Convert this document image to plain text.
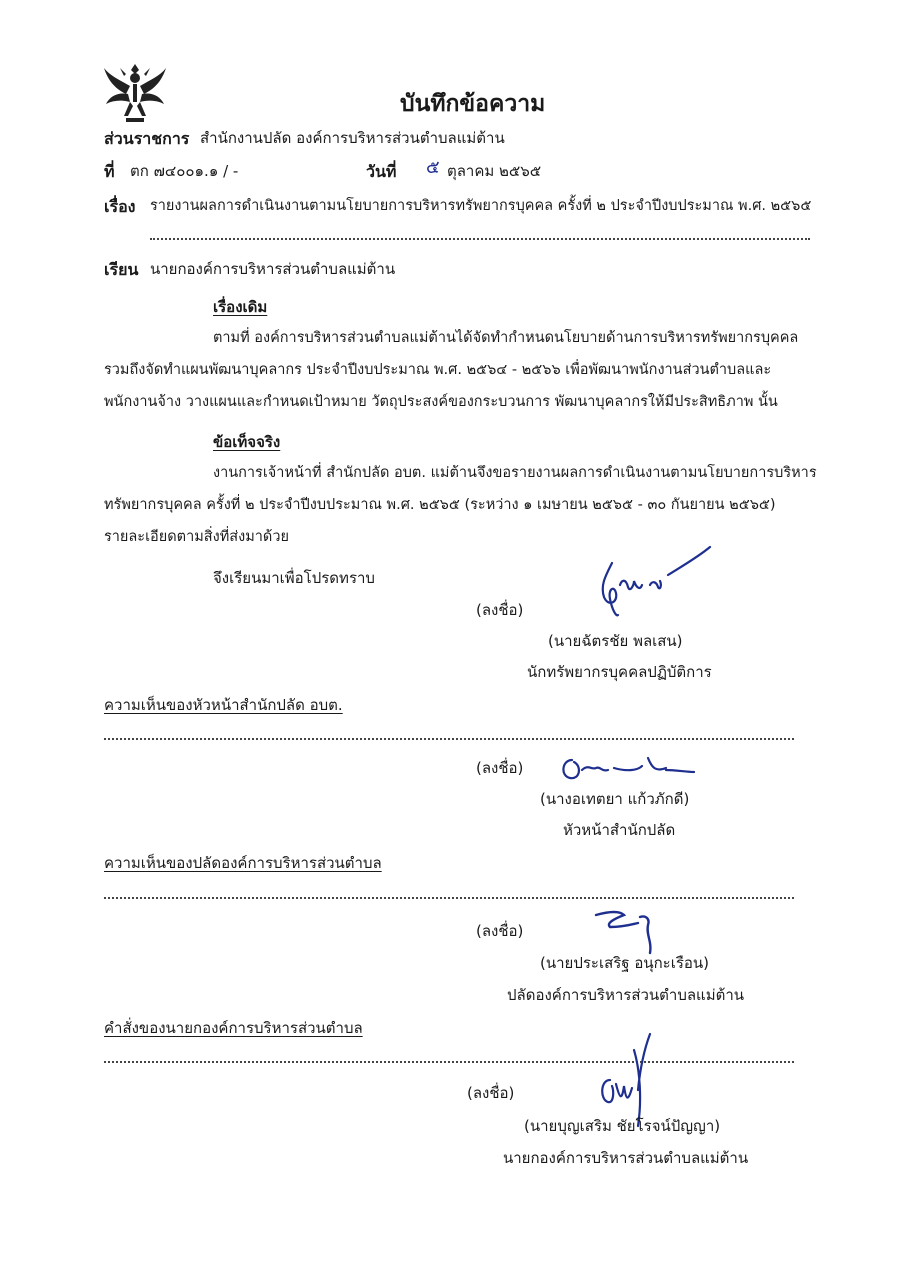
บันทึกข้อความ
ส่วนราชการ สำนักงานปลัด องค์การบริหารส่วนตำบลแม่ต้าน
ที่ ตก ๗๔๐๐๑.๑ / -	วันที่ ๕ ตุลาคม ๒๕๖๕
เรื่อง รายงานผลการดำเนินงานตามนโยบายการบริหารทรัพยากรบุคคล ครั้งที่ ๒ ประจำปีงบประมาณ พ.ศ. ๒๕๖๕
เรียน นายกองค์การบริหารส่วนตำบลแม่ต้าน
เรื่องเดิม
ตามที่ องค์การบริหารส่วนตำบลแม่ต้านได้จัดทำกำหนดนโยบายด้านการบริหารทรัพยากรบุคคล
รวมถึงจัดทำแผนพัฒนาบุคลากร ประจำปีงบประมาณ พ.ศ. ๒๕๖๔ - ๒๕๖๖ เพื่อพัฒนาพนักงานส่วนตำบลและ
พนักงานจ้าง วางแผนและกำหนดเป้าหมาย วัตถุประสงค์ของกระบวนการ พัฒนาบุคลากรให้มีประสิทธิภาพ นั้น
ข้อเท็จจริง
งานการเจ้าหน้าที่ สำนักปลัด อบต. แม่ต้านจึงขอรายงานผลการดำเนินงานตามนโยบายการบริหาร
ทรัพยากรบุคคล ครั้งที่ ๒ ประจำปีงบประมาณ พ.ศ. ๒๕๖๕ (ระหว่าง ๑ เมษายน ๒๕๖๕ - ๓๐ กันยายน ๒๕๖๕)
รายละเอียดตามสิ่งที่ส่งมาด้วย
จึงเรียนมาเพื่อโปรดทราบ
(ลงชื่อ)
(นายฉัตรชัย พลเสน)
นักทรัพยากรบุคคลปฏิบัติการ
ความเห็นของหัวหน้าสำนักปลัด อบต.
(ลงชื่อ)
(นางอเทตยา แก้วภักดี)
หัวหน้าสำนักปลัด
ความเห็นของปลัดองค์การบริหารส่วนตำบล
(ลงชื่อ)
(นายประเสริฐ อนุกะเรือน)
ปลัดองค์การบริหารส่วนตำบลแม่ต้าน
คำสั่งของนายกองค์การบริหารส่วนตำบล
(ลงชื่อ)
(นายบุญเสริม ชัยโรจน์ปัญญา)
นายกองค์การบริหารส่วนตำบลแม่ต้าน
